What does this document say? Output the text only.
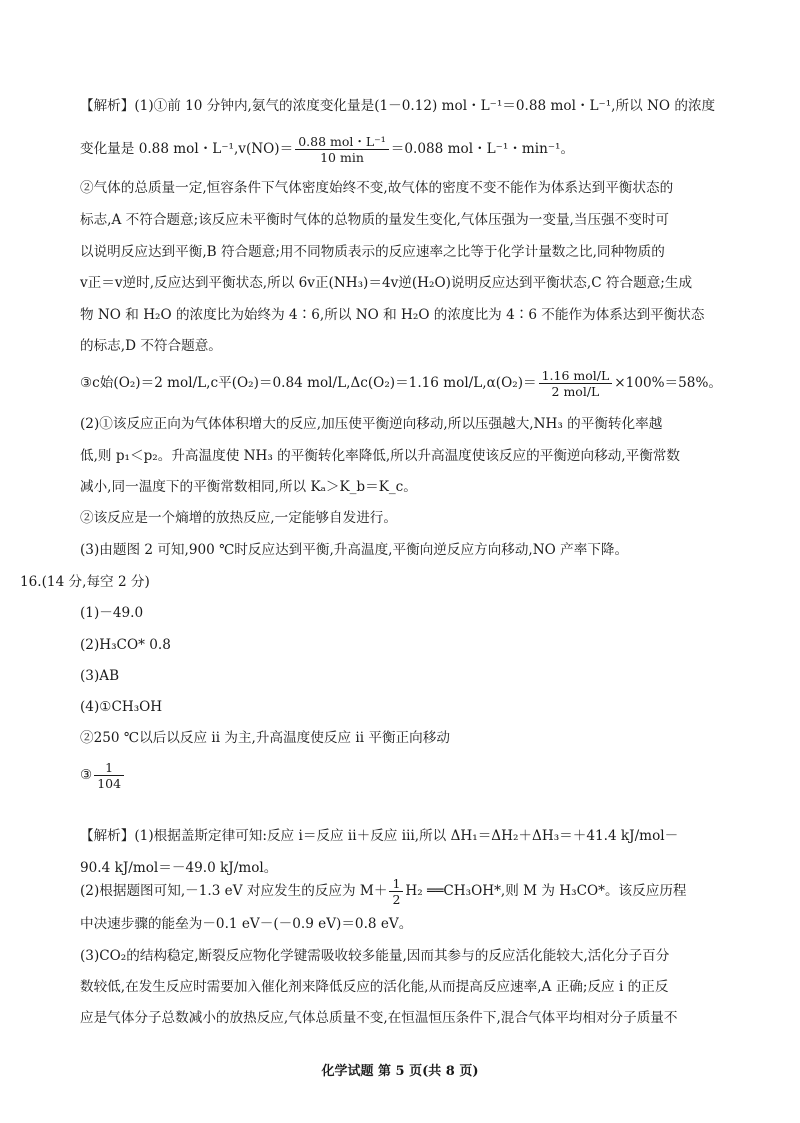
【解析】(1)①前 10 分钟内,氨气的浓度变化量是(1－0.12) mol・L⁻¹＝0.88 mol・L⁻¹,所以 NO 的浓度
变化量是 0.88 mol・$L^{-1},v(NO)= \frac{\text{0.88 mol・L⁻¹}}{10 \min} =0.088$ mol・L⁻¹・min⁻¹。
②气体的总质量一定,恒容条件下气体密度始终不变,故气体的密度不变不能作为体系达到平衡状态的
标志,A 不符合题意;该反应未平衡时气体的总物质的量发生变化,气体压强为一变量,当压强不变时可
以说明反应达到平衡,B 符合题意;用不同物质表示的反应速率之比等于化学计量数之比,同种物质的
v正＝v逆时,反应达到平衡状态,所以 6v正(NH₃)＝4v逆(H₂O)说明反应达到平衡状态,C 符合题意;生成
物 NO 和 H₂O 的浓度比为始终为 4∶6,所以 NO 和 H₂O 的浓度比为 4∶6 不能作为体系达到平衡状态
的标志,D 不符合题意。
③c始(O₂)＝2 mol/L,c平(O₂)＝0.84 mol/L,Δc(O₂)＝1.16 $mol/L,\alpha(O_2)= \frac{\text{1.16 mol/L}}{\text{2 mol/L}} \times 100\%=58\%$。
(2)①该反应正向为气体体积增大的反应,加压使平衡逆向移动,所以压强越大,NH₃ 的平衡转化率越
低,则 p₁＜p₂。升高温度使 NH₃ 的平衡转化率降低,所以升高温度使该反应的平衡逆向移动,平衡常数
减小,同一温度下的平衡常数相同,所以 Kₐ＞K_b＝K_c。
②该反应是一个熵增的放热反应,一定能够自发进行。
(3)由题图 2 可知,900 ℃时反应达到平衡,升高温度,平衡向逆反应方向移动,NO 产率下降。
16.(14 分,每空 2 分)
(1)－49.0
(2)H₃CO* 0.8
(3)AB
(4)①CH₃OH
②250 ℃以后以反应 ⅱ 为主,升高温度使反应 ⅱ 平衡正向移动
③ $\frac{1}{104}$
【解析】(1)根据盖斯定律可知:反应 ⅰ＝反应 ⅱ＋反应 ⅲ,所以 ΔH₁＝ΔH₂＋ΔH₃＝＋41.4 kJ/mol－
90.4 kJ/mol＝－49.0 kJ/mol。
(2)根据题图可知,－1.3 eV 对应发生的反应为 $M+ \frac{1}{2} H_2$ ══CH₃OH*,则 M 为 H₃CO*。该反应历程
中决速步骤的能垒为－0.1 eV－(－0.9 eV)＝0.8 eV。
(3)CO₂的结构稳定,断裂反应物化学键需吸收较多能量,因而其参与的反应活化能较大,活化分子百分
数较低,在发生反应时需要加入催化剂来降低反应的活化能,从而提高反应速率,A 正确;反应 ⅰ 的正反
应是气体分子总数减小的放热反应,气体总质量不变,在恒温恒压条件下,混合气体平均相对分子质量不
化学试题 第 5 页(共 8 页)
